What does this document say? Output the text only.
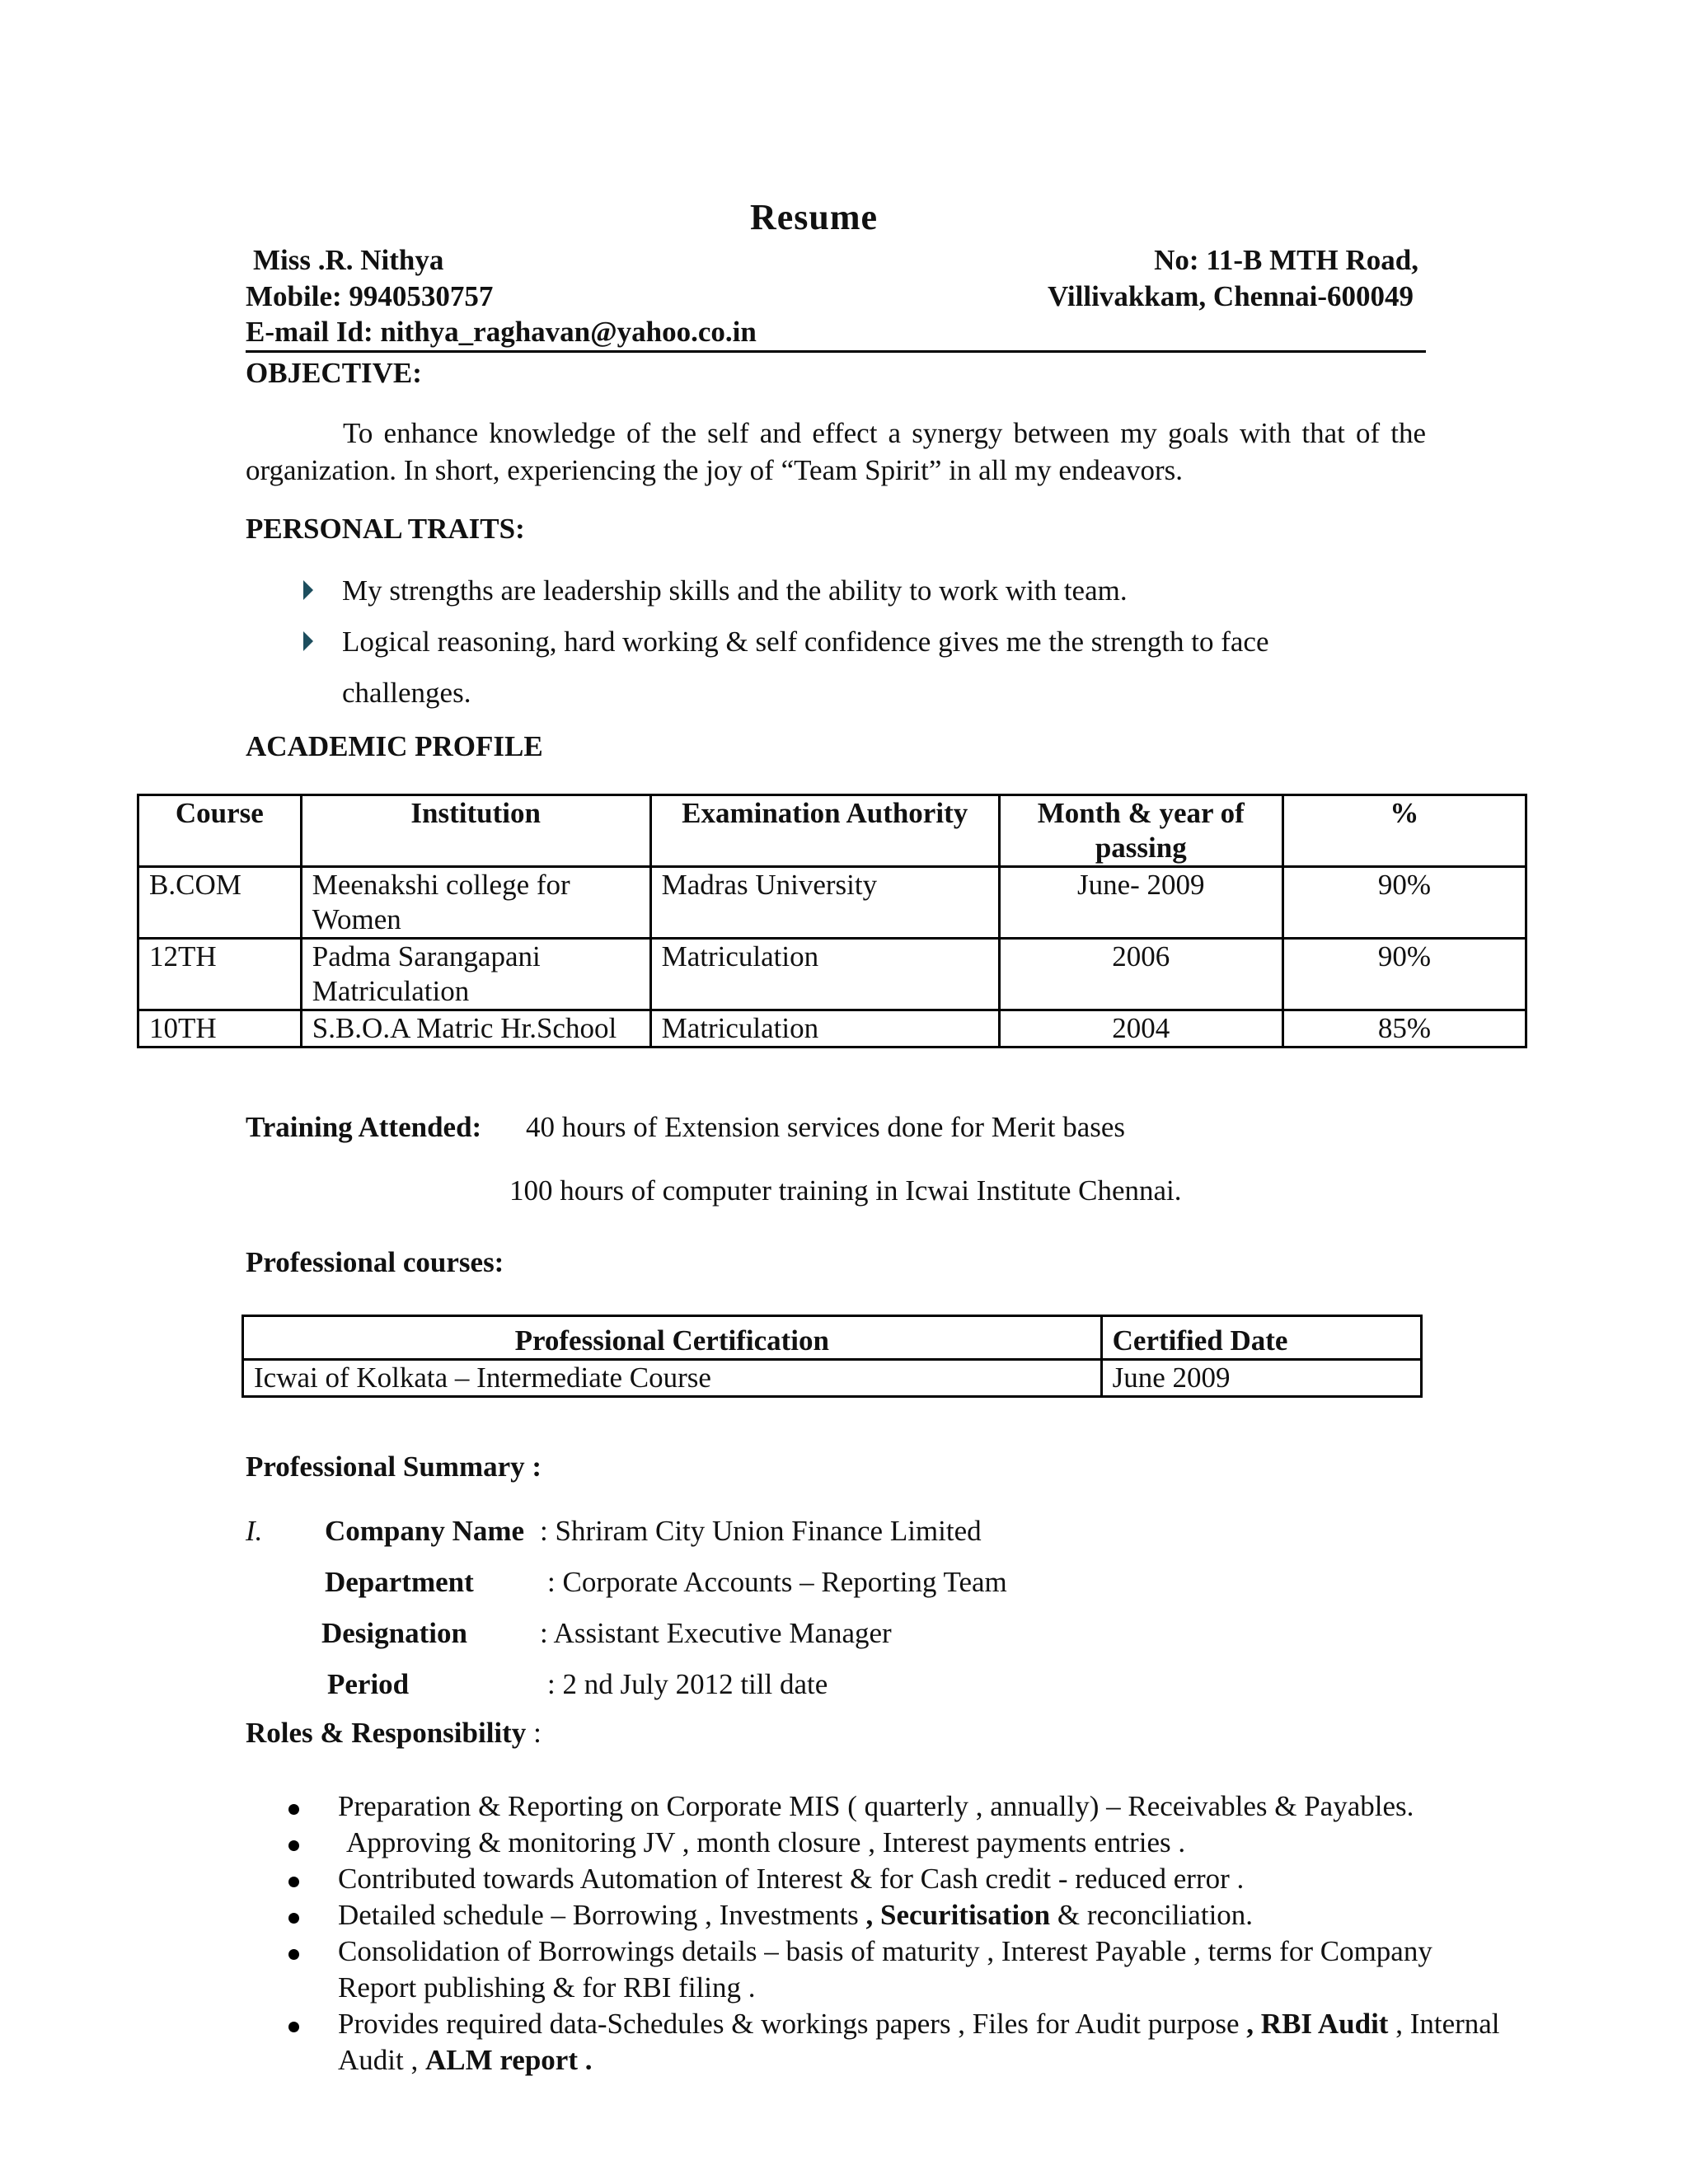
Resume
Miss .R. Nithya
Mobile: 9940530757
E-mail Id: nithya_raghavan@yahoo.co.in
No: 11-B MTH Road,
Villivakkam, Chennai-600049
OBJECTIVE:
To enhance knowledge of the self and effect a synergy between my goals with that of the organization. In short, experiencing the joy of “Team Spirit” in all my endeavors.
PERSONAL TRAITS:
My strengths are leadership skills and the ability to work with team.
Logical reasoning, hard working & self confidence gives me the strength to face
challenges.
ACADEMIC PROFILE
Course	Institution	Examination Authority	Month & year of passing	%
B.COM	Meenakshi college for Women	Madras University	June- 2009	90%
12TH	Padma Sarangapani Matriculation	Matriculation	2006	90%
10TH	S.B.O.A Matric Hr.School	Matriculation	2004	85%
Training Attended: 40 hours of Extension services done for Merit bases
100 hours of computer training in Icwai Institute Chennai.
Professional courses:
Professional Certification	Certified Date
Icwai of Kolkata – Intermediate Course	June 2009
Professional Summary :
I. Company Name : Shriram City Union Finance Limited
Department	: Corporate Accounts – Reporting Team
Designation	: Assistant Executive Manager
Period	: 2 nd July 2012 till date
Roles & Responsibility :
Preparation & Reporting on Corporate MIS ( quarterly , annually) – Receivables & Payables.
Approving & monitoring JV , month closure , Interest payments entries .
Contributed towards Automation of Interest & for Cash credit - reduced error .
Detailed schedule – Borrowing , Investments , Securitisation & reconciliation.
Consolidation of Borrowings details – basis of maturity , Interest Payable , terms for Company
Report publishing & for RBI filing .
Provides required data-Schedules & workings papers , Files for Audit purpose , RBI Audit , Internal
Audit , ALM report .
